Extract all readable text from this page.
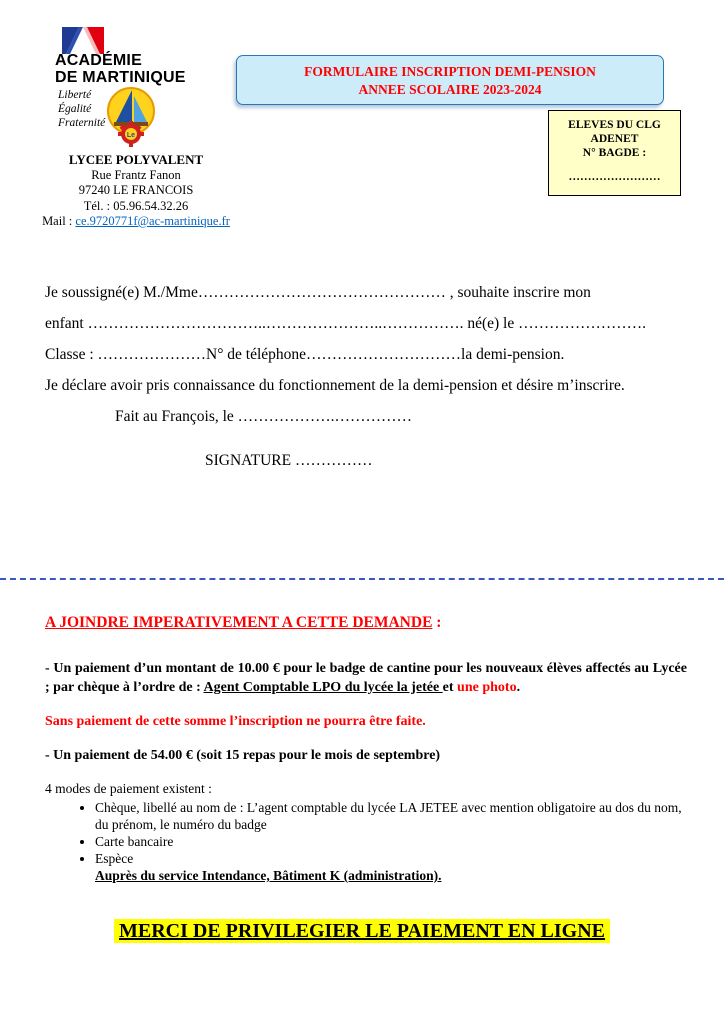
ACADÉMIE
DE MARTINIQUE
Liberté
Égalité
Fraternité
Le
LYCEE POLYVALENT
Rue Frantz Fanon
97240 LE FRANCOIS
Tél. : 05.96.54.32.26
Mail : ce.9720771f@ac-martinique.fr
FORMULAIRE INSCRIPTION DEMI-PENSION
ANNEE SCOLAIRE 2023-2024
ELEVES DU CLG
ADENET
N° BAGDE :
……………………
Je soussigné(e) M./Mme………………………………………… , souhaite inscrire mon
enfant ……………………………..…………………..……………. né(e) le …………………….
Classe : …………………N° de téléphone…………………………la demi-pension.
Je déclare avoir pris connaissance du fonctionnement de la demi-pension et désire m’inscrire.
Fait au François, le ……………….……………
SIGNATURE ……………
A JOINDRE IMPERATIVEMENT A CETTE DEMANDE :
- Un paiement d’un montant de 10.00 € pour le badge de cantine pour les nouveaux élèves affectés au Lycée ; par chèque à l’ordre de : Agent Comptable LPO du lycée la jetée et une photo.
Sans paiement de cette somme l’inscription ne pourra être faite.
- Un paiement de 54.00 € (soit 15 repas pour le mois de septembre)
4 modes de paiement existent :
• Chèque, libellé au nom de : L’agent comptable du lycée LA JETEE avec mention obligatoire au dos du nom, du prénom, le numéro du badge
• Carte bancaire
• Espèce
Auprès du service Intendance, Bâtiment K (administration).
MERCI DE PRIVILEGIER LE PAIEMENT EN LIGNE
